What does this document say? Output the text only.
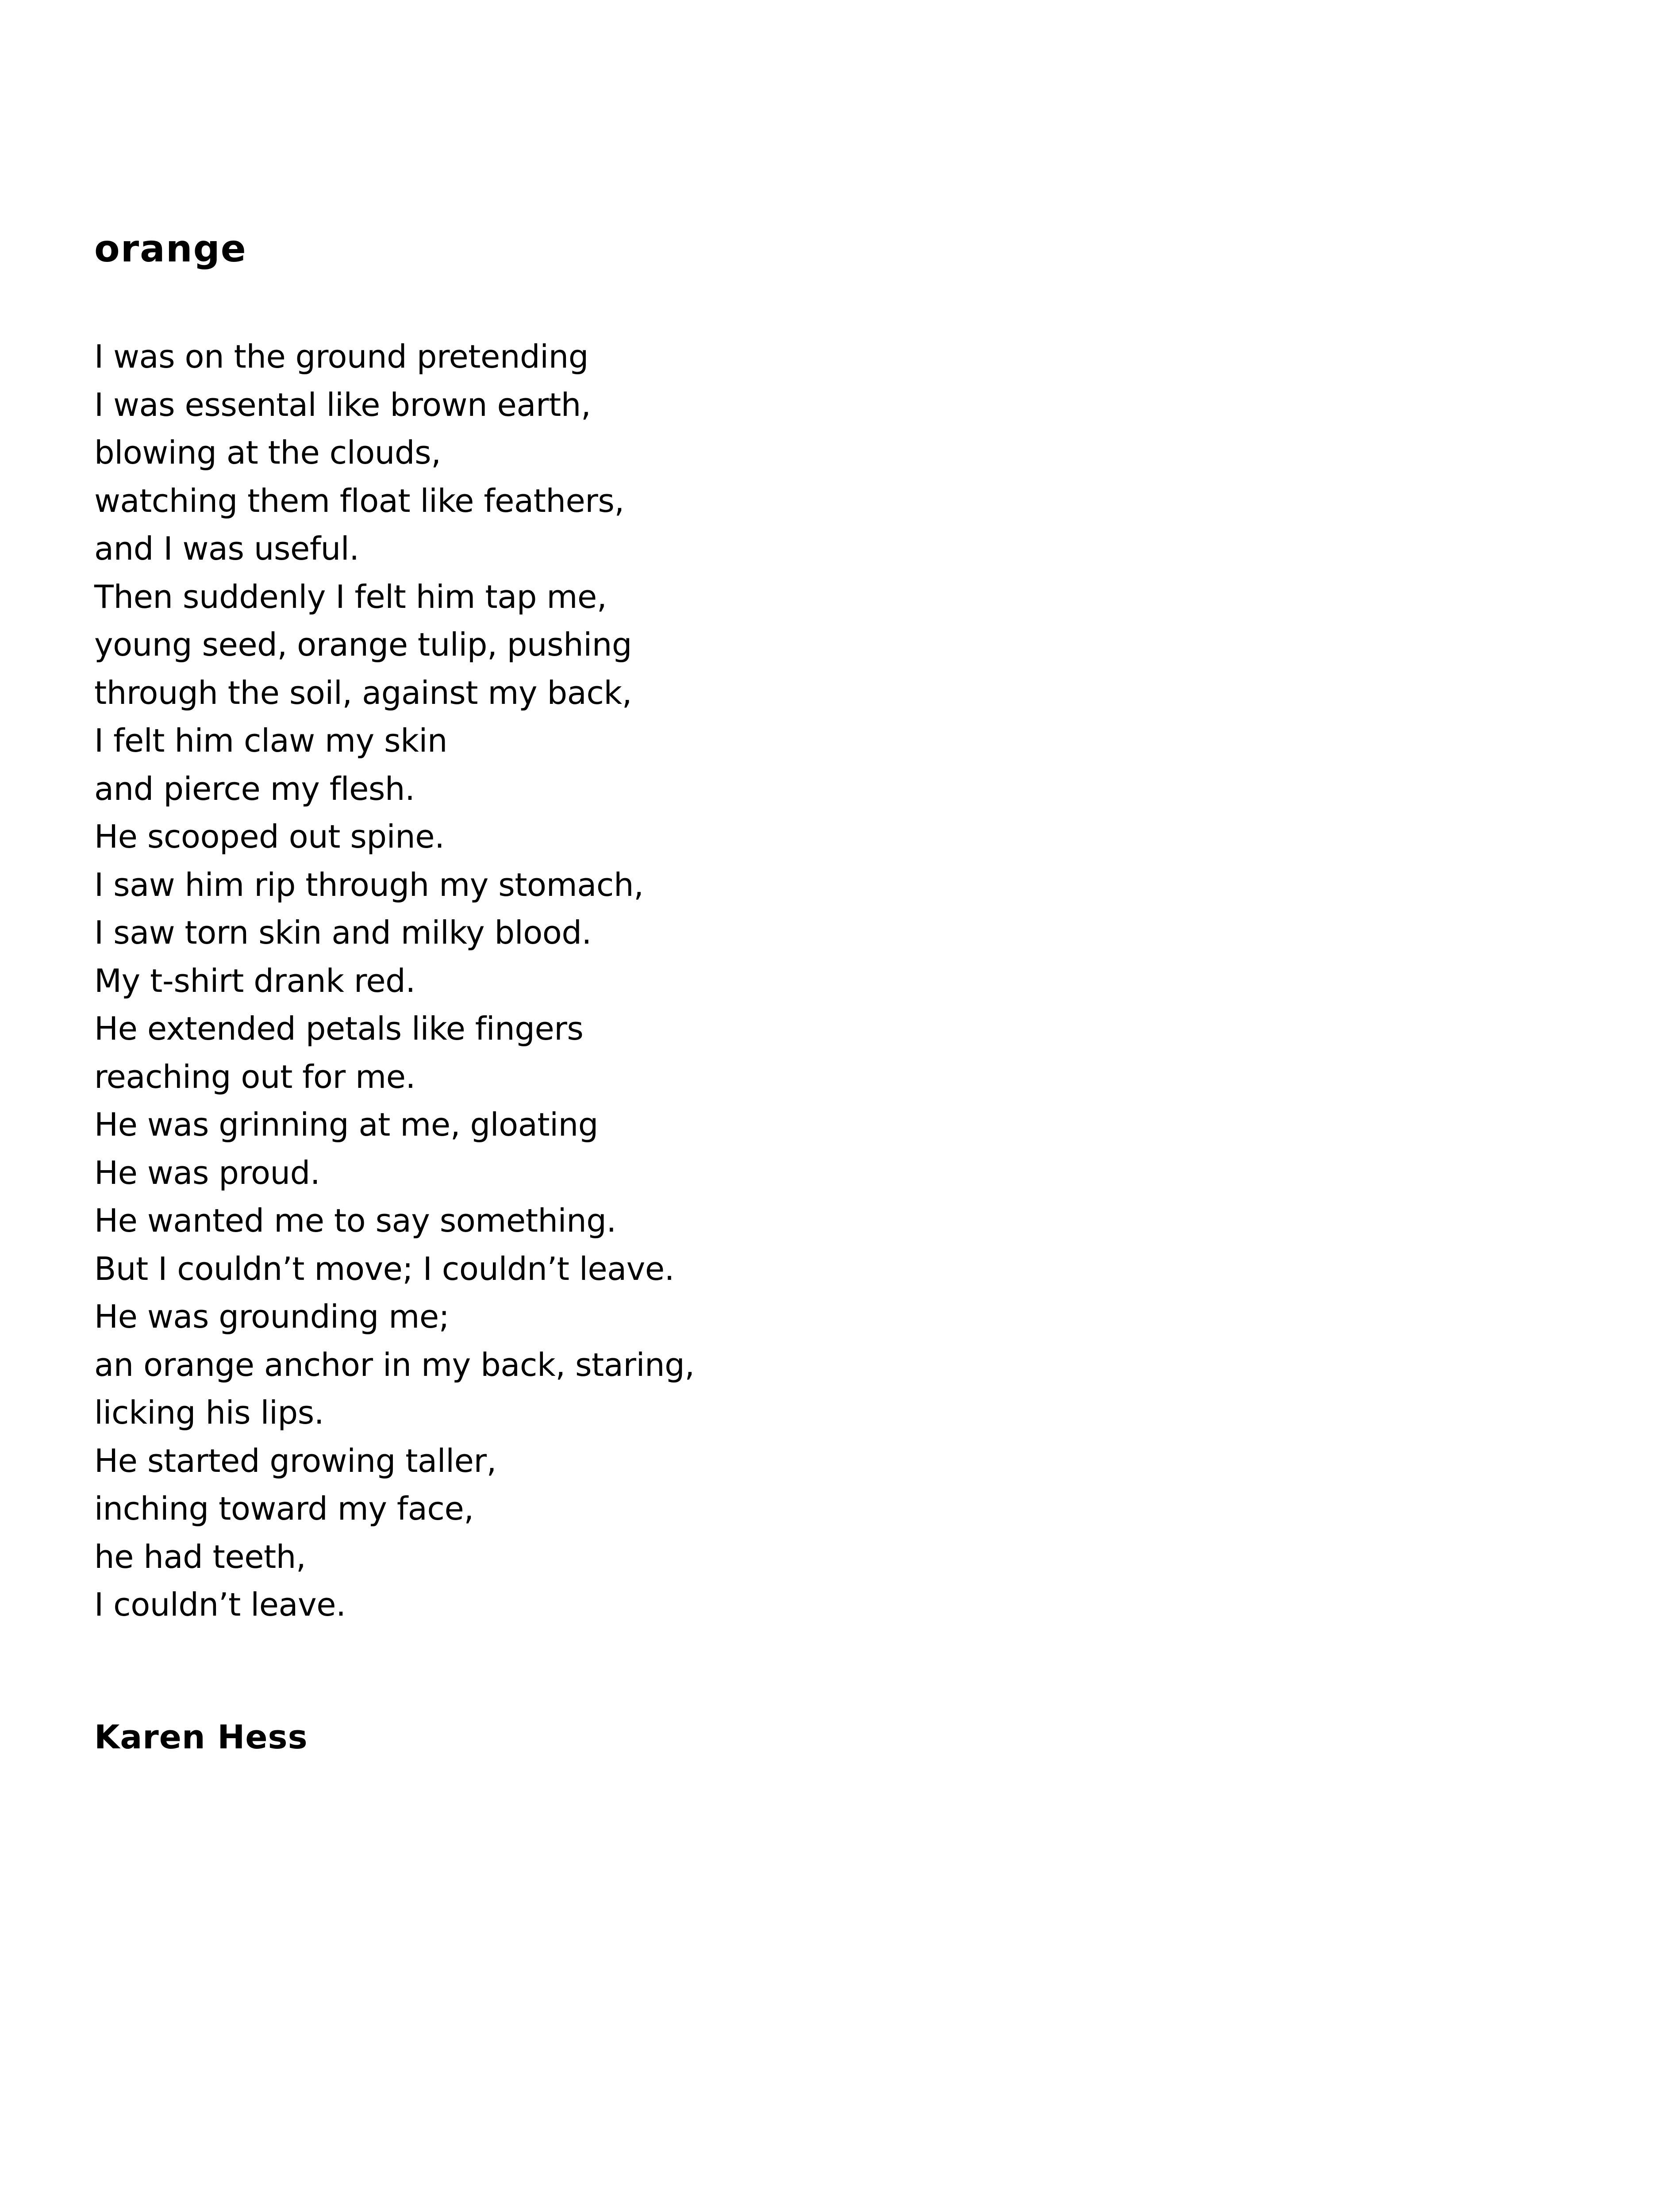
orange
I was on the ground pretending
I was essental like brown earth,
blowing at the clouds,
watching them float like feathers,
and I was useful.
Then suddenly I felt him tap me,
young seed, orange tulip, pushing
through the soil, against my back,
I felt him claw my skin
and pierce my flesh.
He scooped out spine.
I saw him rip through my stomach,
I saw torn skin and milky blood.
My t-shirt drank red.
He extended petals like fingers
reaching out for me.
He was grinning at me, gloating
He was proud.
He wanted me to say something.
But I couldn’t move; I couldn’t leave.
He was grounding me;
an orange anchor in my back, staring,
licking his lips.
He started growing taller,
inching toward my face,
he had teeth,
I couldn’t leave.

Karen Hess
